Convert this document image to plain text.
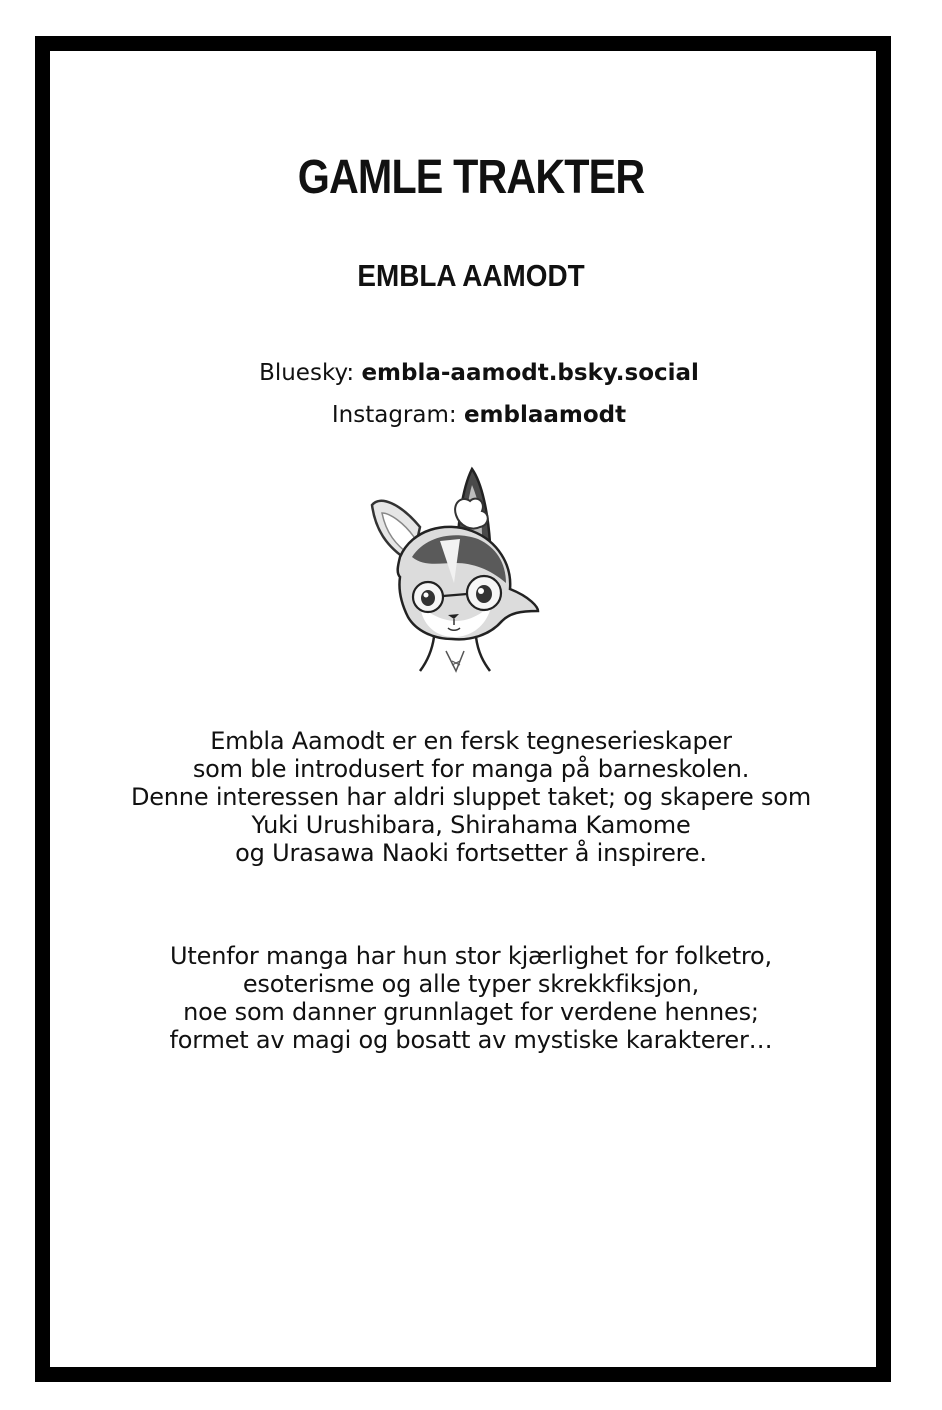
GAMLE TRAKTER
EMBLA AAMODT
Bluesky: embla-aamodt.bsky.social
Instagram: emblaamodt

Embla Aamodt er en fersk tegneserieskaper
som ble introdusert for manga på barneskolen.
Denne interessen har aldri sluppet taket; og skapere som
Yuki Urushibara, Shirahama Kamome
og Urasawa Naoki fortsetter å inspirere.

Utenfor manga har hun stor kjærlighet for folketro,
esoterisme og alle typer skrekkfiksjon,
noe som danner grunnlaget for verdene hennes;
formet av magi og bosatt av mystiske karakterer…
